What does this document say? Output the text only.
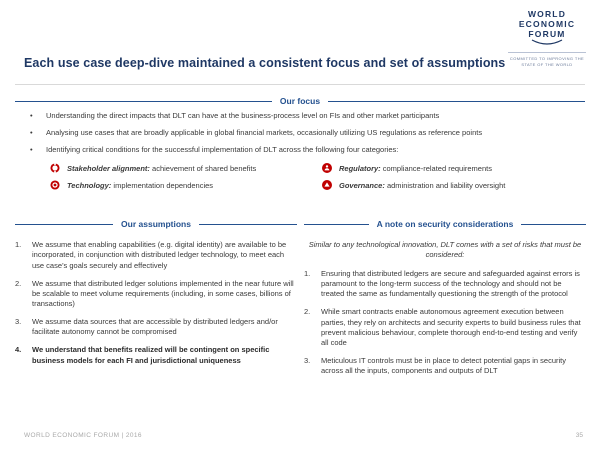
Each use case deep-dive maintained a consistent focus and set of assumptions
WORLD
ECONOMIC
FORUM
COMMITTED TO IMPROVING THE STATE OF THE WORLD
Our focus
•
Understanding the direct impacts that DLT can have at the business-process level on FIs and other market participants
•
Analysing use cases that are broadly applicable in global financial markets, occasionally utilizing US regulations as reference points
•
Identifying critical conditions for the successful implementation of DLT across the following four categories:
Stakeholder alignment: achievement of shared benefits	Regulatory: compliance-related requirements
Technology: implementation dependencies	Governance: administration and liability oversight
Our assumptions
1.	We assume that enabling capabilities (e.g. digital identity) are available to be incorporated, in conjunction with distributed ledger technology, to meet each use case’s goals securely and effectively
2.	We assume that distributed ledger solutions implemented in the near future will be scalable to meet volume requirements (including, in some cases, billions of transactions)
3.	We assume data sources that are accessible by distributed ledgers and/or facilitate autonomy cannot be compromised
4.	We understand that benefits realized will be contingent on specific business models for each FI and jurisdictional uniqueness
A note on security considerations
Similar to any technological innovation, DLT comes with a set of risks that must be considered:
1.	Ensuring that distributed ledgers are secure and safeguarded against errors is paramount to the long-term success of the technology and should not be treated the same as fundamentally questioning the strength of the protocol
2.	While smart contracts enable autonomous agreement execution between parties, they rely on architects and security experts to build business rules that prevent malicious behaviour, complete thorough end-to-end testing and verify all code
3.	Meticulous IT controls must be in place to detect potential gaps in security across all the inputs, components and outputs of DLT
WORLD ECONOMIC FORUM | 2016	35
